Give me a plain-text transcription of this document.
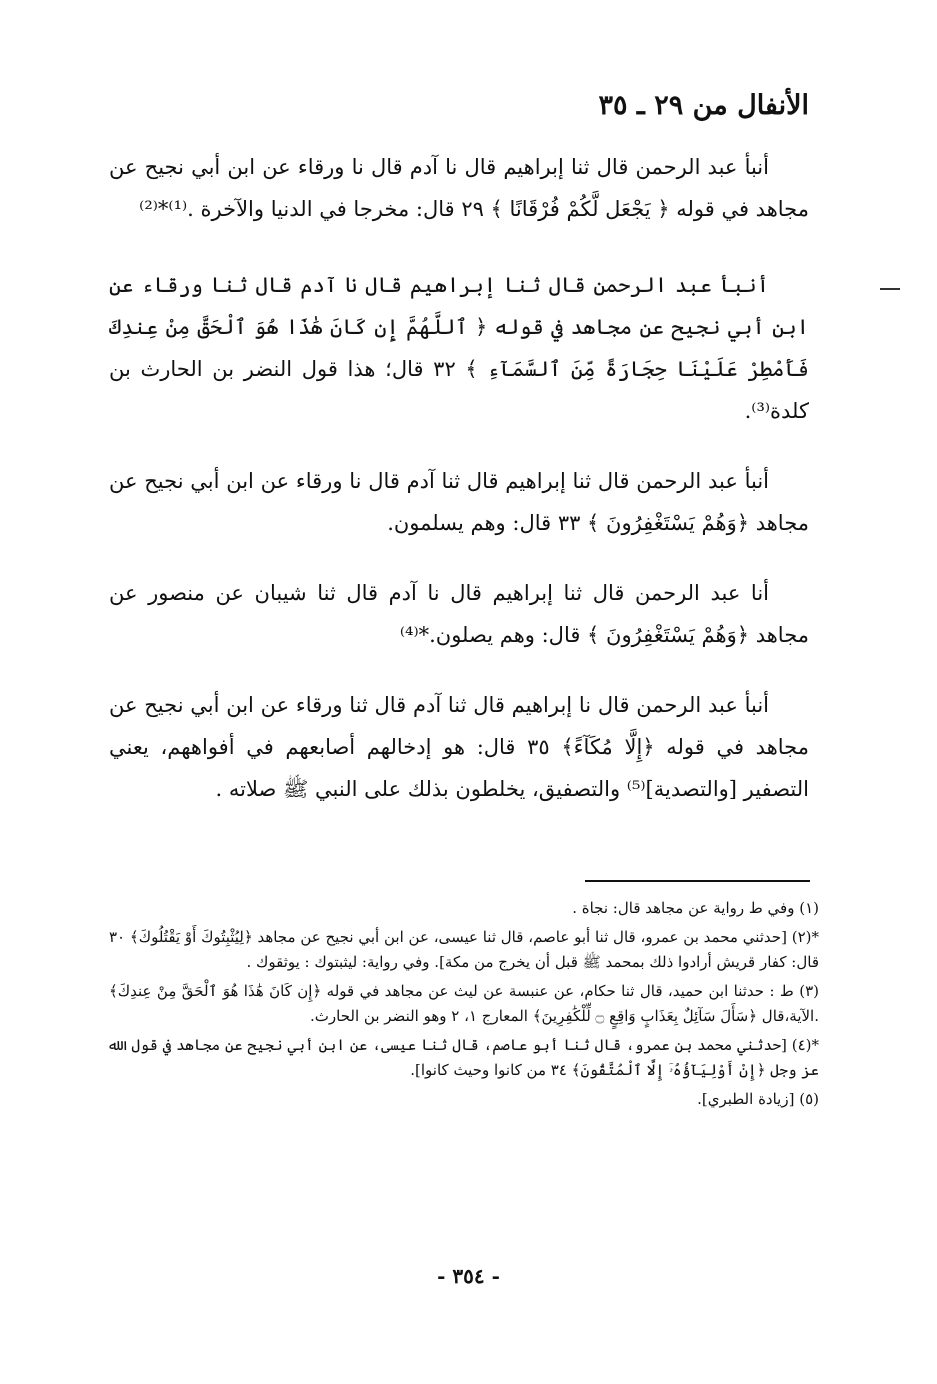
الأنفال من ٢٩ ـ ٣٥

أنبأ عبد الرحمن قال ثنا إبراهيم قال نا آدم قال نا ورقاء عن ابن أبي نجيح عن مجاهد في قوله ﴿ يَجْعَل لَّكُمْ فُرْقَانًا ﴾ ٢٩ قال: مخرجا في الدنيا والآخرة .⁽¹⁾*⁽²⁾

أنبأ عبد الرحمن قال ثنا إبراهيم قال نا آدم قال ثنا ورقاء عن ابن أبي نجيح عن مجاهد في قوله ﴿ ٱللَّهُمَّ إِن كَانَ هَٰذَا هُوَ ٱلْحَقَّ مِنْ عِندِكَ فَأَمْطِرْ عَلَيْنَا حِجَارَةً مِّنَ ٱلسَّمَآءِ ﴾ ٣٢ قال؛ هذا قول النضر بن الحارث بن كلدة⁽³⁾.

أنبأ عبد الرحمن قال ثنا إبراهيم قال ثنا آدم قال نا ورقاء عن ابن أبي نجيح عن مجاهد ﴿وَهُمْ يَسْتَغْفِرُونَ ﴾ ٣٣ قال: وهم يسلمون.

أنا عبد الرحمن قال ثنا إبراهيم قال نا آدم قال ثنا شيبان عن منصور عن مجاهد ﴿وَهُمْ يَسْتَغْفِرُونَ ﴾ قال: وهم يصلون.*⁽⁴⁾

أنبأ عبد الرحمن قال نا إبراهيم قال ثنا آدم قال ثنا ورقاء عن ابن أبي نجيح عن مجاهد في قوله ﴿إِلَّا مُكَآءً﴾ ٣٥ قال: هو إدخالهم أصابعهم في أفواههم، يعني التصفير [والتصدية]⁽⁵⁾ والتصفيق، يخلطون بذلك على النبي ﷺ صلاته .

(١) وفي ط رواية عن مجاهد قال: نجاة .

*(٢) [حدثني محمد بن عمرو، قال ثنا أبو عاصم، قال ثنا عيسى، عن ابن أبي نجيح عن مجاهد ﴿لِيُثْبِتُوكَ أَوْ يَقْتُلُوكَ﴾ ٣٠ قال: كفار قريش أرادوا ذلك بمحمد ﷺ قبل أن يخرج من مكة]. وفي رواية: ليثبتوك : يوثقوك .

(٣) ط : حدثنا ابن حميد، قال ثنا حكام، عن عنبسة عن ليث عن مجاهد في قوله ﴿إِن كَانَ هَٰذَا هُوَ ٱلْحَقَّ مِنْ عِندِكَ﴾ .الآية،قال ﴿سَأَلَ سَآئِلٌ بِعَذَابٍ وَاقِعٍ ۝ لِّلْكَٰفِرِينَ﴾ المعارج ١، ٢ وهو النضر بن الحارث.

*(٤) [حدثني محمد بن عمرو، قال ثنا أبو عاصم، قال ثنا عيسى، عن ابن أبي نجيح عن مجاهد في قول الله عز وجل ﴿إِنْ أَوْلِيَآؤُهُۥٓ إِلَّا ٱلْمُتَّقُونَ﴾ ٣٤ من كانوا وحيث كانوا].

(٥) [زيادة الطبري].

- ٣٥٤ -
